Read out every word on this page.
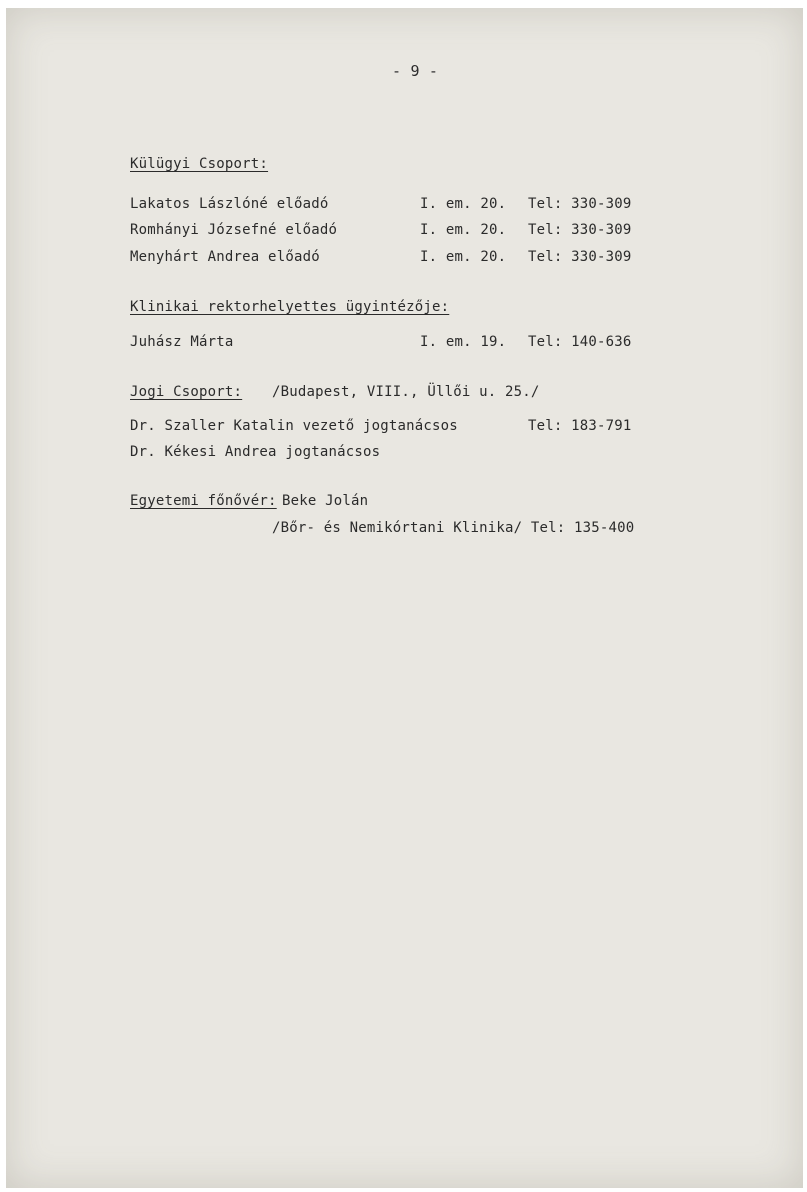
- 9 -
Külügyi Csoport:
Lakatos Lászlóné előadó	I. em. 20. Tel: 330-309
Romhányi Józsefné előadó	I. em. 20. Tel: 330-309
Menyhárt Andrea előadó	I. em. 20. Tel: 330-309
Klinikai rektorhelyettes ügyintézője:
Juhász Márta	I. em. 19. Tel: 140-636
Jogi Csoport: /Budapest, VIII., Üllői u. 25./
Dr. Szaller Katalin vezető jogtanácsos	Tel: 183-791
Dr. Kékesi Andrea jogtanácsos
Egyetemi főnővér: Beke Jolán
/Bőr- és Nemikórtani Klinika/ Tel: 135-400
